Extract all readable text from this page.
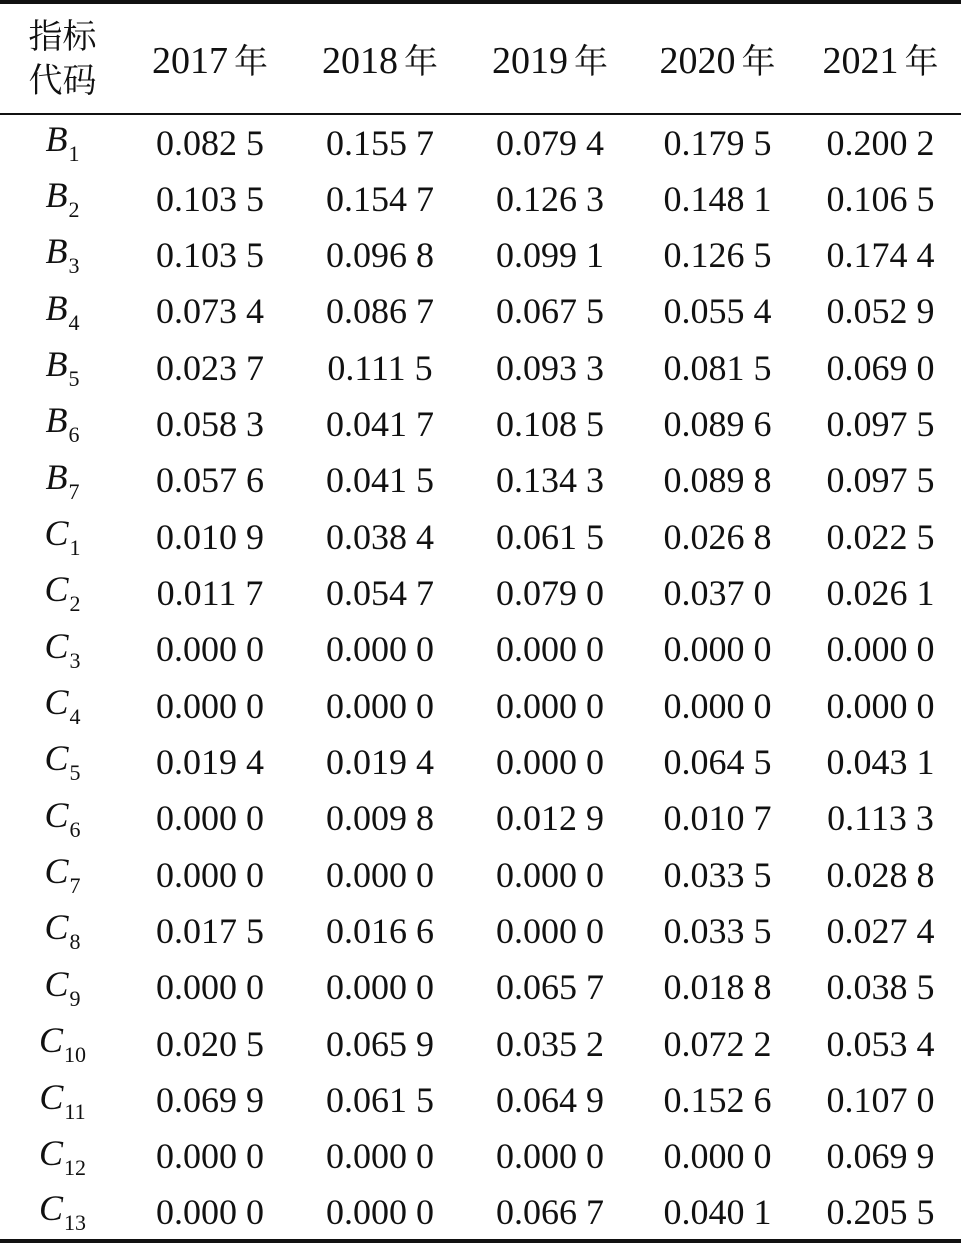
指标
代码	2017 年	2018 年	2019 年	2020 年	2021 年
$B_1$	0.082 5	0.155 7	0.079 4	0.179 5	0.200 2
$B_2$	0.103 5	0.154 7	0.126 3	0.148 1	0.106 5
$B_3$	0.103 5	0.096 8	0.099 1	0.126 5	0.174 4
$B_4$	0.073 4	0.086 7	0.067 5	0.055 4	0.052 9
$B_5$	0.023 7	0.111 5	0.093 3	0.081 5	0.069 0
$B_6$	0.058 3	0.041 7	0.108 5	0.089 6	0.097 5
$B_7$	0.057 6	0.041 5	0.134 3	0.089 8	0.097 5
$C_1$	0.010 9	0.038 4	0.061 5	0.026 8	0.022 5
$C_2$	0.011 7	0.054 7	0.079 0	0.037 0	0.026 1
$C_3$	0.000 0	0.000 0	0.000 0	0.000 0	0.000 0
$C_4$	0.000 0	0.000 0	0.000 0	0.000 0	0.000 0
$C_5$	0.019 4	0.019 4	0.000 0	0.064 5	0.043 1
$C_6$	0.000 0	0.009 8	0.012 9	0.010 7	0.113 3
$C_7$	0.000 0	0.000 0	0.000 0	0.033 5	0.028 8
$C_8$	0.017 5	0.016 6	0.000 0	0.033 5	0.027 4
$C_9$	0.000 0	0.000 0	0.065 7	0.018 8	0.038 5
$C_{10}$	0.020 5	0.065 9	0.035 2	0.072 2	0.053 4
$C_{11}$	0.069 9	0.061 5	0.064 9	0.152 6	0.107 0
$C_{12}$	0.000 0	0.000 0	0.000 0	0.000 0	0.069 9
$C_{13}$	0.000 0	0.000 0	0.066 7	0.040 1	0.205 5
